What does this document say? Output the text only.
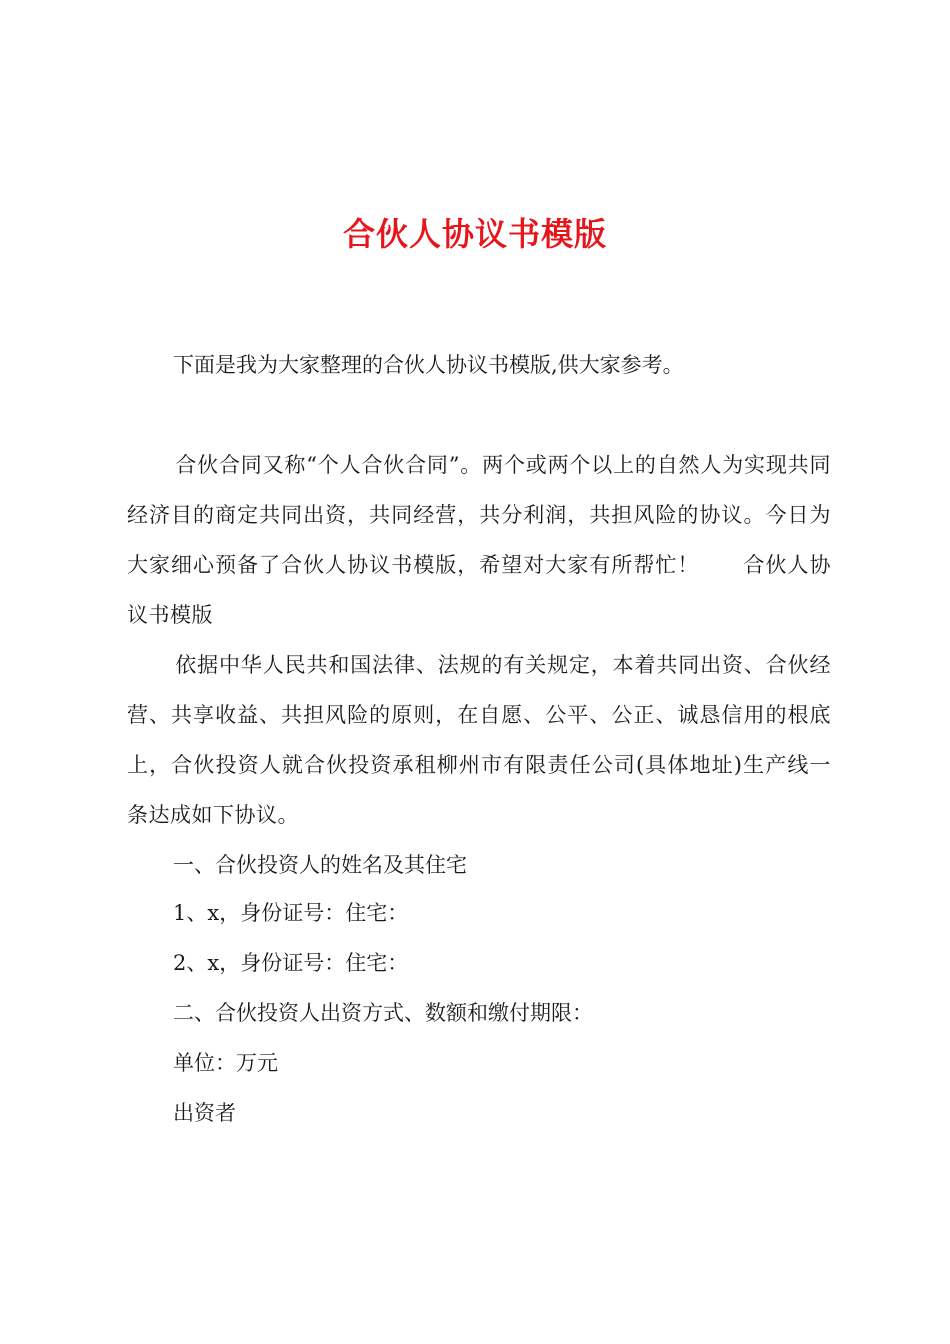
合伙人协议书模版
下面是我为大家整理的合伙人协议书模版,供大家参考。
合伙合同又称“个人合伙合同”。两个或两个以上的自然人为实现共同经济目的商定共同出资，共同经营，共分利润，共担风险的协议。今日为大家细心预备了合伙人协议书模版，希望对大家有所帮忙！　　合伙人协议书模版
依据中华人民共和国法律、法规的有关规定，本着共同出资、合伙经营、共享收益、共担风险的原则，在自愿、公平、公正、诚恳信用的根底上，合伙投资人就合伙投资承租柳州市有限责任公司(具体地址)生产线一条达成如下协议。
一、合伙投资人的姓名及其住宅
1、x，身份证号：住宅：
2、x，身份证号：住宅：
二、合伙投资人出资方式、数额和缴付期限：
单位：万元
出资者
